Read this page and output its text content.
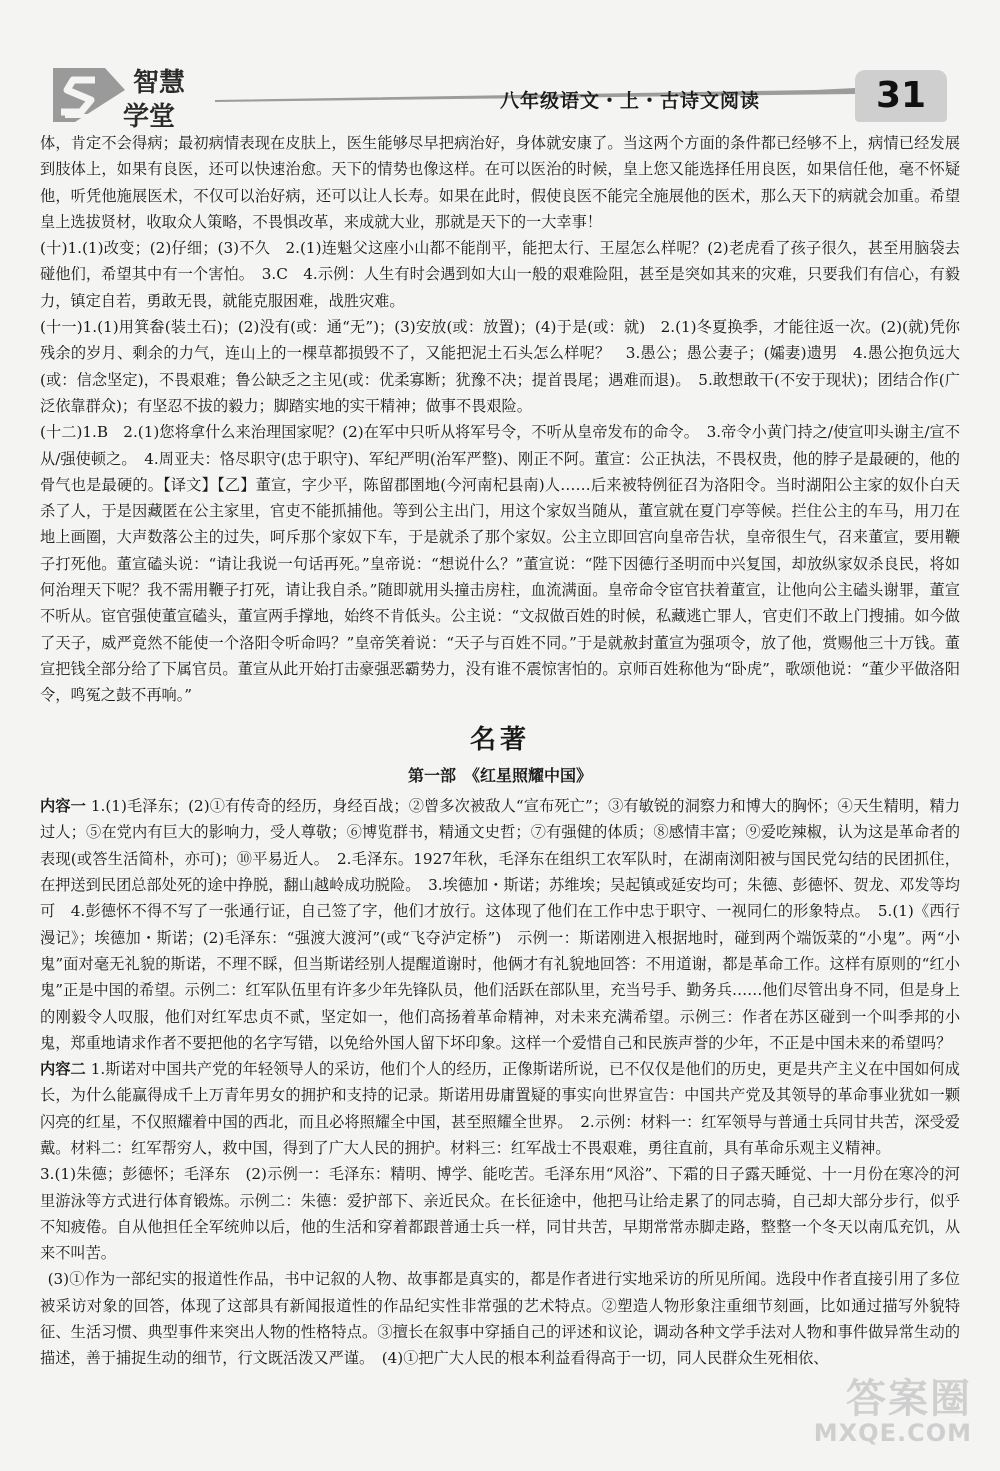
智慧
学堂
八年级语文・上・古诗文阅读	31

体，肯定不会得病；最初病情表现在皮肤上，医生能够尽早把病治好，身体就安康了。当这两个方面的条件都已经够不上，病情已经发展到肢体上，如果有良医，还可以快速治愈。天下的情势也像这样。在可以医治的时候，皇上您又能选择任用良医，如果信任他，毫不怀疑他，听凭他施展医术，不仅可以治好病，还可以让人长寿。如果在此时，假使良医不能完全施展他的医术，那么天下的病就会加重。希望皇上选拔贤材，收取众人策略，不畏惧改革，来成就大业，那就是天下的一大幸事！

(十)1.(1)改变；(2)仔细；(3)不久　2.(1)连魁父这座小山都不能削平，能把太行、王屋怎么样呢？(2)老虎看了孩子很久，甚至用脑袋去碰他们，希望其中有一个害怕。　3.C　4.示例：人生有时会遇到如大山一般的艰难险阻，甚至是突如其来的灾难，只要我们有信心，有毅力，镇定自若，勇敢无畏，就能克服困难，战胜灾难。

(十一)1.(1)用箕畚(装土石)；(2)没有(或：通“无”)；(3)安放(或：放置)；(4)于是(或：就)　2.(1)冬夏换季，才能往返一次。(2)(就)凭你残余的岁月、剩余的力气，连山上的一棵草都损毁不了，又能把泥土石头怎么样呢？　3.愚公；愚公妻子；(孀妻)遗男　4.愚公抱负远大(或：信念坚定)，不畏艰难；鲁公缺乏之主见(或：优柔寡断；犹豫不决；提首畏尾；遇难而退)。　5.敢想敢干(不安于现状)；团结合作(广泛依靠群众)；有坚忍不拔的毅力；脚踏实地的实干精神；做事不畏艰险。

(十二)1.B　2.(1)您将拿什么来治理国家呢？(2)在军中只听从将军号令，不听从皇帝发布的命令。　3.帝令小黄门持之/使宣叩头谢主/宣不从/强使顿之。　4.周亚夫：恪尽职守(忠于职守)、军纪严明(治军严整)、刚正不阿。董宣：公正执法，不畏权贵，他的脖子是最硬的，他的骨气也是最硬的。【译文】【乙】董宣，字少平，陈留郡圉地(今河南杞县南)人……后来被特例征召为洛阳令。当时湖阳公主家的奴仆白天杀了人，于是因藏匿在公主家里，官吏不能抓捕他。等到公主出门，用这个家奴当随从，董宣就在夏门亭等候。拦住公主的车马，用刀在地上画圈，大声数落公主的过失，呵斥那个家奴下车，于是就杀了那个家奴。公主立即回宫向皇帝告状，皇帝很生气，召来董宣，要用鞭子打死他。董宣磕头说：“请让我说一句话再死。”皇帝说：“想说什么？”董宣说：“陛下因德行圣明而中兴复国，却放纵家奴杀良民，将如何治理天下呢？我不需用鞭子打死，请让我自杀。”随即就用头撞击房柱，血流满面。皇帝命令宦官扶着董宣，让他向公主磕头谢罪，董宣不听从。宦官强使董宣磕头，董宣两手撑地，始终不肯低头。公主说：“文叔做百姓的时候，私藏逃亡罪人，官吏们不敢上门搜捕。如今做了天子，威严竟然不能使一个洛阳令听命吗？”皇帝笑着说：“天子与百姓不同。”于是就赦封董宣为强项令，放了他，赏赐他三十万钱。董宣把钱全部分给了下属官员。董宣从此开始打击豪强恶霸势力，没有谁不震惊害怕的。京师百姓称他为“卧虎”，歌颂他说：“董少平做洛阳令，鸣冤之鼓不再响。”

名著
第一部　《红星照耀中国》

内容一 1.(1)毛泽东；(2)①有传奇的经历，身经百战；②曾多次被敌人“宣布死亡”；③有敏锐的洞察力和博大的胸怀；④天生精明，精力过人；⑤在党内有巨大的影响力，受人尊敬；⑥博览群书，精通文史哲；⑦有强健的体质；⑧感情丰富；⑨爱吃辣椒，认为这是革命者的表现(或答生活简朴，亦可)；⑩平易近人。　2.毛泽东。1927年秋，毛泽东在组织工农军队时，在湖南浏阳被与国民党勾结的民团抓住，在押送到民团总部处死的途中挣脱，翻山越岭成功脱险。　3.埃德加・斯诺；苏维埃；吴起镇或延安均可；朱德、彭德怀、贺龙、邓发等均可　4.彭德怀不得不写了一张通行证，自己签了字，他们才放行。这体现了他们在工作中忠于职守、一视同仁的形象特点。　5.(1)《西行漫记》；埃德加・斯诺；(2)毛泽东：“强渡大渡河”(或“飞夺泸定桥”)　示例一：斯诺刚进入根据地时，碰到两个端饭菜的“小鬼”。两“小鬼”面对毫无礼貌的斯诺，不理不睬，但当斯诺经别人提醒道谢时，他俩才有礼貌地回答：不用道谢，都是革命工作。这样有原则的“红小鬼”正是中国的希望。示例二：红军队伍里有许多少年先锋队员，他们活跃在部队里，充当号手、勤务兵……他们尽管出身不同，但是身上的刚毅令人叹服，他们对红军忠贞不贰，坚定如一，他们高扬着革命精神，对未来充满希望。示例三：作者在苏区碰到一个叫季邦的小鬼，郑重地请求作者不要把他的名字写错，以免给外国人留下坏印象。这样一个爱惜自己和民族声誉的少年，不正是中国未来的希望吗？

内容二 1.斯诺对中国共产党的年轻领导人的采访，他们个人的经历，正像斯诺所说，已不仅仅是他们的历史，更是共产主义在中国如何成长，为什么能赢得成千上万青年男女的拥护和支持的记录。斯诺用毋庸置疑的事实向世界宣告：中国共产党及其领导的革命事业犹如一颗闪亮的红星，不仅照耀着中国的西北，而且必将照耀全中国，甚至照耀全世界。　2.示例：材料一：红军领导与普通士兵同甘共苦，深受爱戴。材料二：红军帮穷人，救中国，得到了广大人民的拥护。材料三：红军战士不畏艰难，勇往直前，具有革命乐观主义精神。

3.(1)朱德；彭德怀；毛泽东　(2)示例一：毛泽东：精明、博学、能吃苦。毛泽东用“风浴”、下霜的日子露天睡觉、十一月份在寒冷的河里游泳等方式进行体育锻炼。示例二：朱德：爱护部下、亲近民众。在长征途中，他把马让给走累了的同志骑，自己却大部分步行，似乎不知疲倦。自从他担任全军统帅以后，他的生活和穿着都跟普通士兵一样，同甘共苦，早期常常赤脚走路，整整一个冬天以南瓜充饥，从来不叫苦。

(3)①作为一部纪实的报道性作品，书中记叙的人物、故事都是真实的，都是作者进行实地采访的所见所闻。选段中作者直接引用了多位被采访对象的回答，体现了这部具有新闻报道性的作品纪实性非常强的艺术特点。②塑造人物形象注重细节刻画，比如通过描写外貌特征、生活习惯、典型事件来突出人物的性格特点。③擅长在叙事中穿插自己的评述和议论，调动各种文学手法对人物和事件做异常生动的描述，善于捕捉生动的细节，行文既活泼又严谨。　(4)①把广大人民的根本利益看得高于一切，同人民群众生死相依、

答案圈
MXQE.COM
